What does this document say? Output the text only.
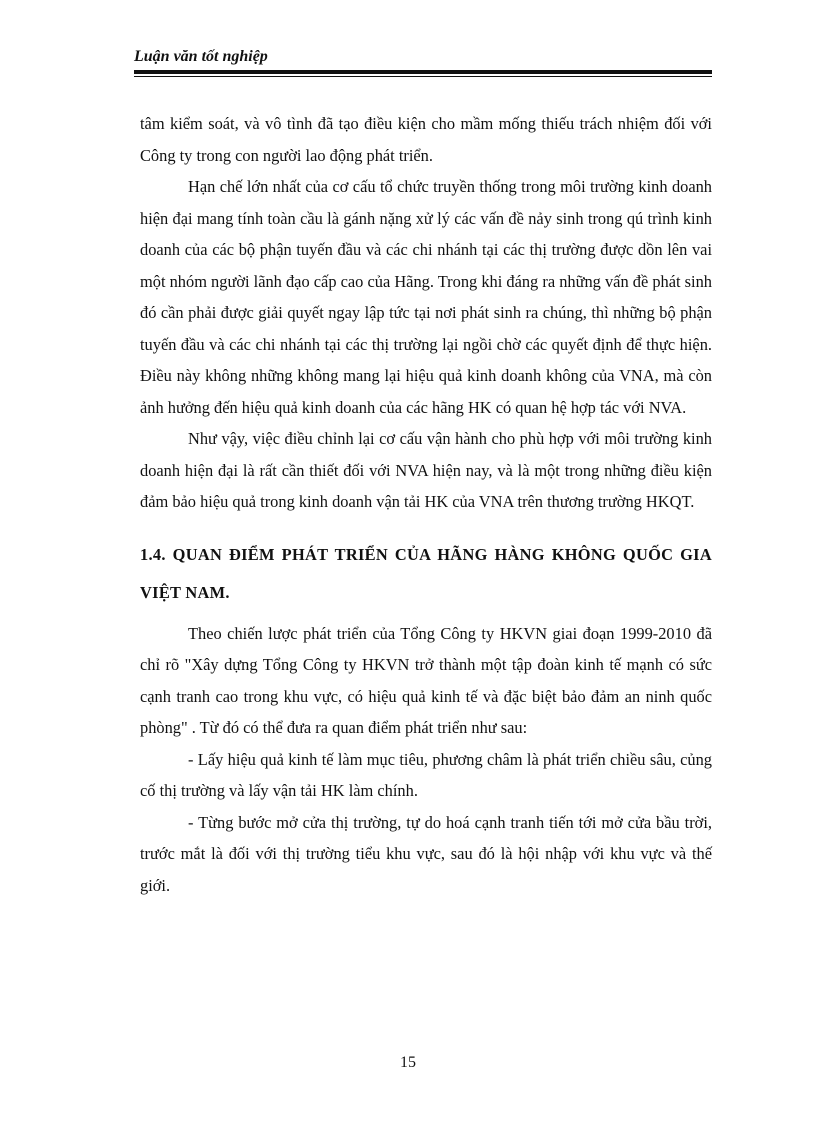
Luận văn tốt nghiệp

tâm kiểm soát, và vô tình đã tạo điều kiện cho mầm mống thiếu trách nhiệm đối với Công ty trong con người lao động phát triển.

Hạn chế lớn nhất của cơ cấu tổ chức truyền thống trong môi trường kinh doanh hiện đại mang tính toàn cầu là gánh nặng xử lý các vấn đề nảy sinh trong qú trình kinh doanh của các bộ phận tuyến đầu và các chi nhánh tại các thị trường được dồn lên vai một nhóm người lãnh đạo cấp cao của Hãng. Trong khi đáng ra những vấn đề phát sinh đó cần phải được giải quyết ngay lập tức tại nơi phát sinh ra chúng, thì những bộ phận tuyến đầu và các chi nhánh tại các thị trường lại ngồi chờ các quyết định để thực hiện. Điều này không những không mang lại hiệu quả kinh doanh không của VNA, mà còn ảnh hưởng đến hiệu quả kinh doanh của các hãng HK có quan hệ hợp tác với NVA.

Như vậy, việc điều chỉnh lại cơ cấu vận hành cho phù hợp với môi trường kinh doanh hiện đại là rất cần thiết đối với NVA hiện nay, và là một trong những điều kiện đảm bảo hiệu quả trong kinh doanh vận tải HK của VNA trên thương trường HKQT.

1.4. QUAN ĐIỂM PHÁT TRIỂN CỦA HÃNG HÀNG KHÔNG QUỐC GIA VIỆT NAM.

Theo chiến lược phát triển của Tổng Công ty HKVN giai đoạn 1999-2010 đã chỉ rõ "Xây dựng Tổng Công ty HKVN trở thành một tập đoàn kinh tế mạnh có sức cạnh tranh cao trong khu vực, có hiệu quả kinh tế và đặc biệt bảo đảm an ninh quốc phòng" . Từ đó có thể đưa ra quan điểm phát triển như sau:

- Lấy hiệu quả kinh tế làm mục tiêu, phương châm là phát triển chiều sâu, củng cố thị trường và lấy vận tải HK làm chính.

- Từng bước mở cửa thị trường, tự do hoá cạnh tranh tiến tới mở cửa bầu trời, trước mắt là đối với thị trường tiểu khu vực, sau đó là hội nhập với khu vực và thế giới.

15
